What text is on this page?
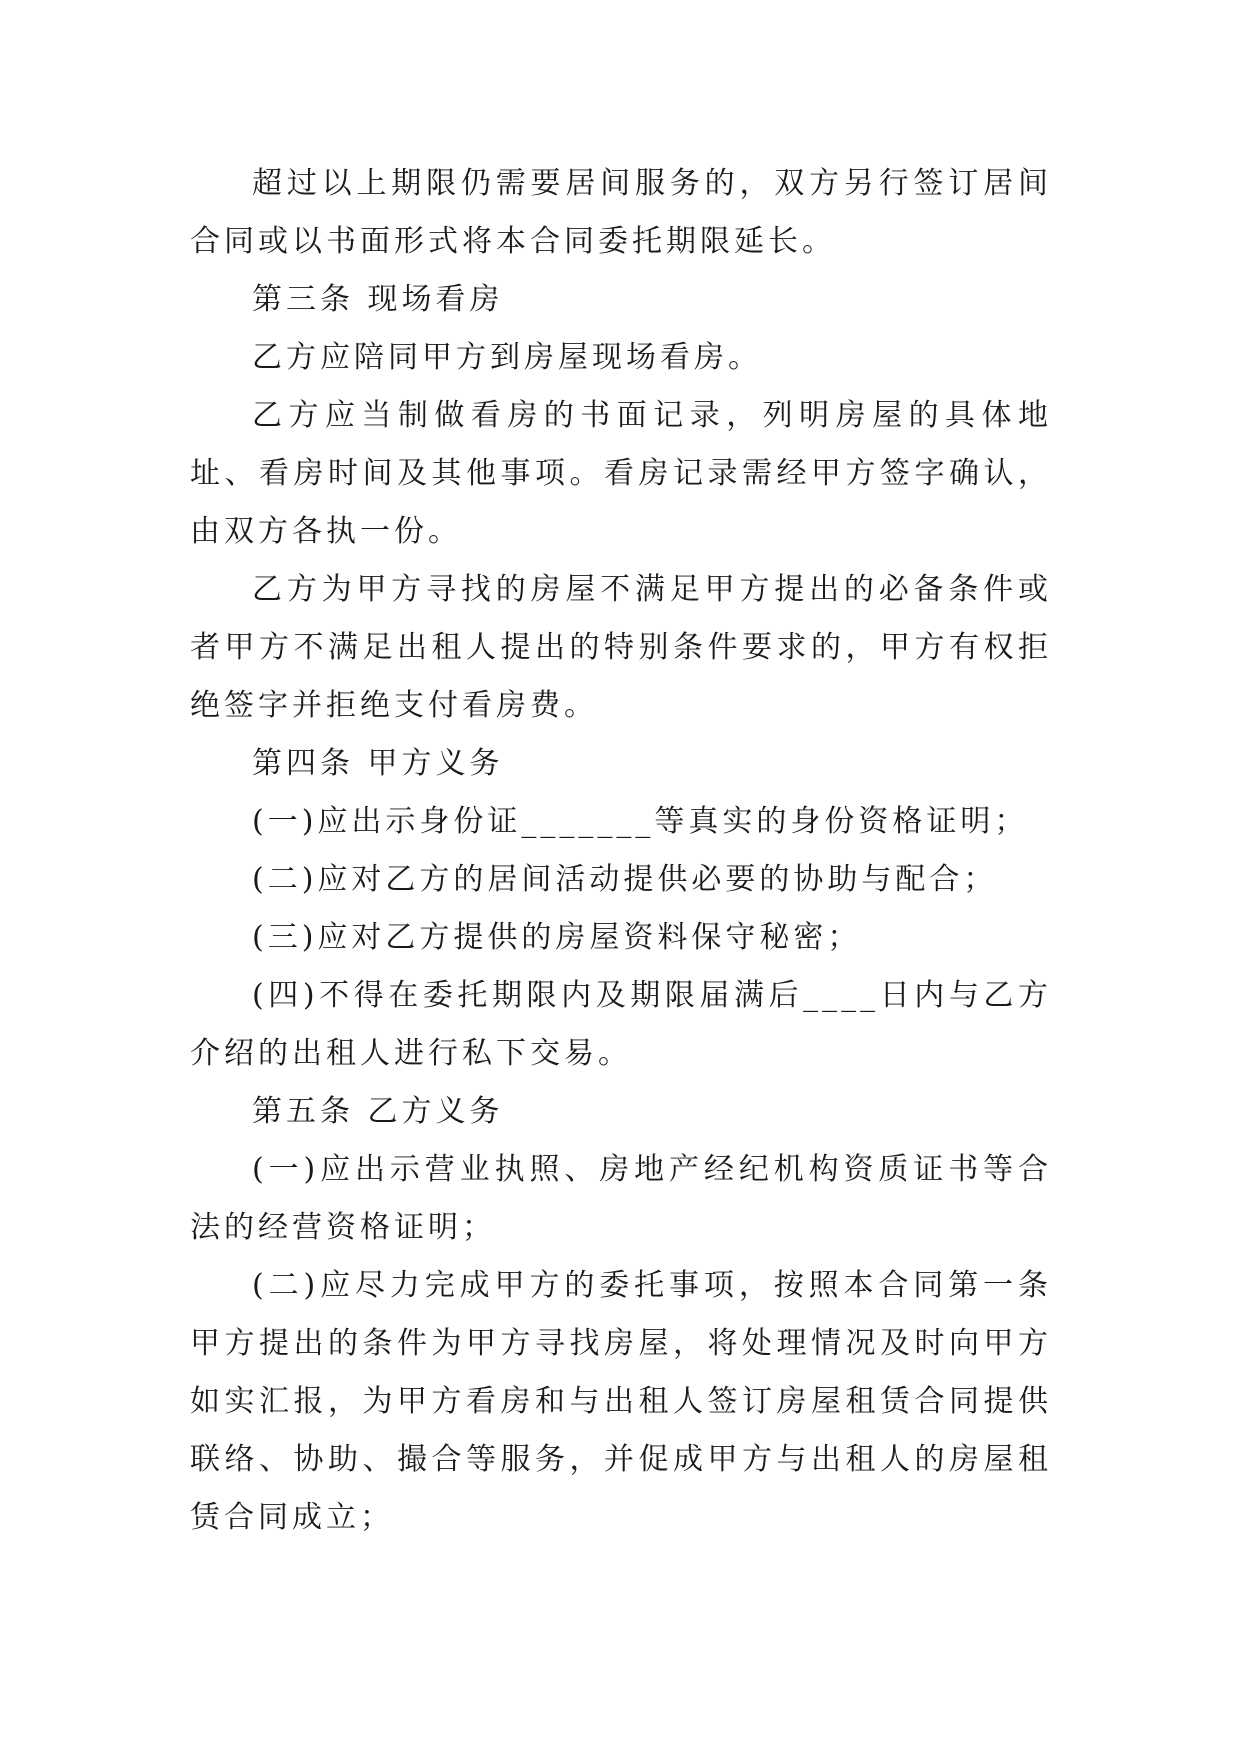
超过以上期限仍需要居间服务的，双方另行签订居间合同或以书面形式将本合同委托期限延长。

第三条 现场看房

乙方应陪同甲方到房屋现场看房。

乙方应当制做看房的书面记录，列明房屋的具体地址、看房时间及其他事项。看房记录需经甲方签字确认，由双方各执一份。

乙方为甲方寻找的房屋不满足甲方提出的必备条件或者甲方不满足出租人提出的特别条件要求的，甲方有权拒绝签字并拒绝支付看房费。

第四条 甲方义务

(一)应出示身份证_______等真实的身份资格证明；

(二)应对乙方的居间活动提供必要的协助与配合；

(三)应对乙方提供的房屋资料保守秘密；

(四)不得在委托期限内及期限届满后____日内与乙方介绍的出租人进行私下交易。

第五条 乙方义务

(一)应出示营业执照、房地产经纪机构资质证书等合法的经营资格证明；

(二)应尽力完成甲方的委托事项，按照本合同第一条甲方提出的条件为甲方寻找房屋，将处理情况及时向甲方如实汇报，为甲方看房和与出租人签订房屋租赁合同提供联络、协助、撮合等服务，并促成甲方与出租人的房屋租赁合同成立；
